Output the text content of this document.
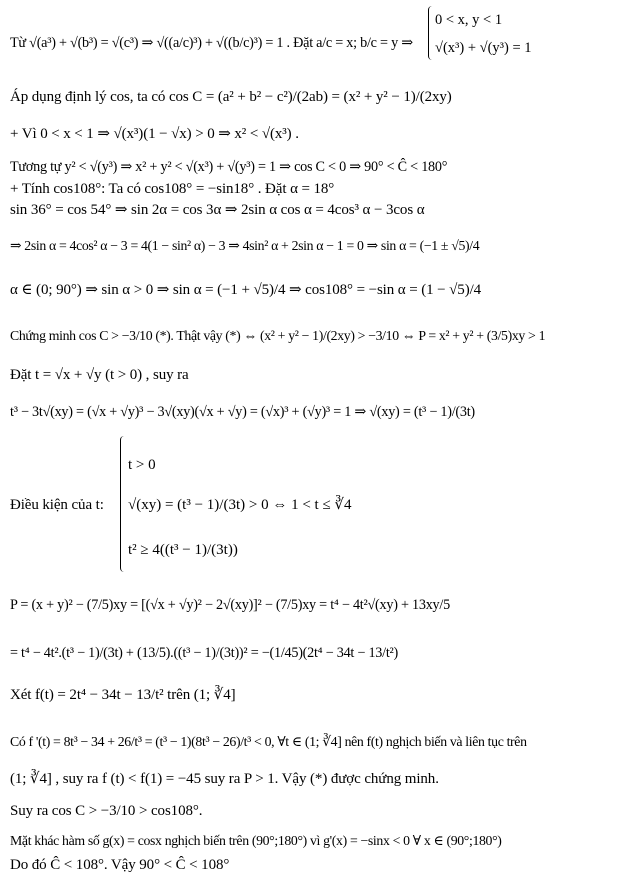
Từ √(a³) + √(b³) = √(c³) ⇒ √((a/c)³) + √((b/c)³) = 1 . Đặt a/c = x; b/c = y ⇒
0 < x, y < 1
√(x³) + √(y³) = 1
Áp dụng định lý cos, ta có cos C = (a² + b² − c²)/(2ab) = (x² + y² − 1)/(2xy)
+ Vì 0 < x < 1 ⇒ √(x³)(1 − √x) > 0 ⇒ x² < √(x³) .
Tương tự y² < √(y³) ⇒ x² + y² < √(x³) + √(y³) = 1 ⇒ cos C < 0 ⇒ 90° < Ĉ < 180°
+ Tính cos108°: Ta có cos108° = −sin18° . Đặt α = 18°
sin 36° = cos 54° ⇒ sin 2α = cos 3α ⇒ 2sin α cos α = 4cos³ α − 3cos α
⇒ 2sin α = 4cos² α − 3 = 4(1 − sin² α) − 3 ⇒ 4sin² α + 2sin α − 1 = 0 ⇒ sin α = (−1 ± √5)/4
α ∈ (0; 90°) ⇒ sin α > 0 ⇒ sin α = (−1 + √5)/4 ⇒ cos108° = −sin α = (1 − √5)/4
Chứng minh cos C > −3/10 (*). Thật vậy (*) ⇔ (x² + y² − 1)/(2xy) > −3/10 ⇔ P = x² + y² + (3/5)xy > 1
Đặt t = √x + √y (t > 0) , suy ra
t³ − 3t√(xy) = (√x + √y)³ − 3√(xy)(√x + √y) = (√x)³ + (√y)³ = 1 ⇒ √(xy) = (t³ − 1)/(3t)
Điều kiện của t:
t > 0
√(xy) = (t³ − 1)/(3t) > 0 ⇔ 1 < t ≤ ∛4
t² ≥ 4((t³ − 1)/(3t))
P = (x + y)² − (7/5)xy = [(√x + √y)² − 2√(xy)]² − (7/5)xy = t⁴ − 4t²√(xy) + 13xy/5
= t⁴ − 4t².(t³ − 1)/(3t) + (13/5).((t³ − 1)/(3t))² = −(1/45)(2t⁴ − 34t − 13/t²)
Xét f(t) = 2t⁴ − 34t − 13/t² trên (1; ∛4]
Có f '(t) = 8t³ − 34 + 26/t³ = (t³ − 1)(8t³ − 26)/t³ < 0, ∀t ∈ (1; ∛4] nên f(t) nghịch biến và liên tục trên
(1; ∛4] , suy ra f (t) < f(1) = −45 suy ra P > 1. Vậy (*) được chứng minh.
Suy ra cos C > −3/10 > cos108°.
Mặt khác hàm số g(x) = cosx nghịch biến trên (90°;180°) vì g'(x) = −sinx < 0 ∀ x ∈ (90°;180°)
Do đó Ĉ < 108°. Vậy 90° < Ĉ < 108°
